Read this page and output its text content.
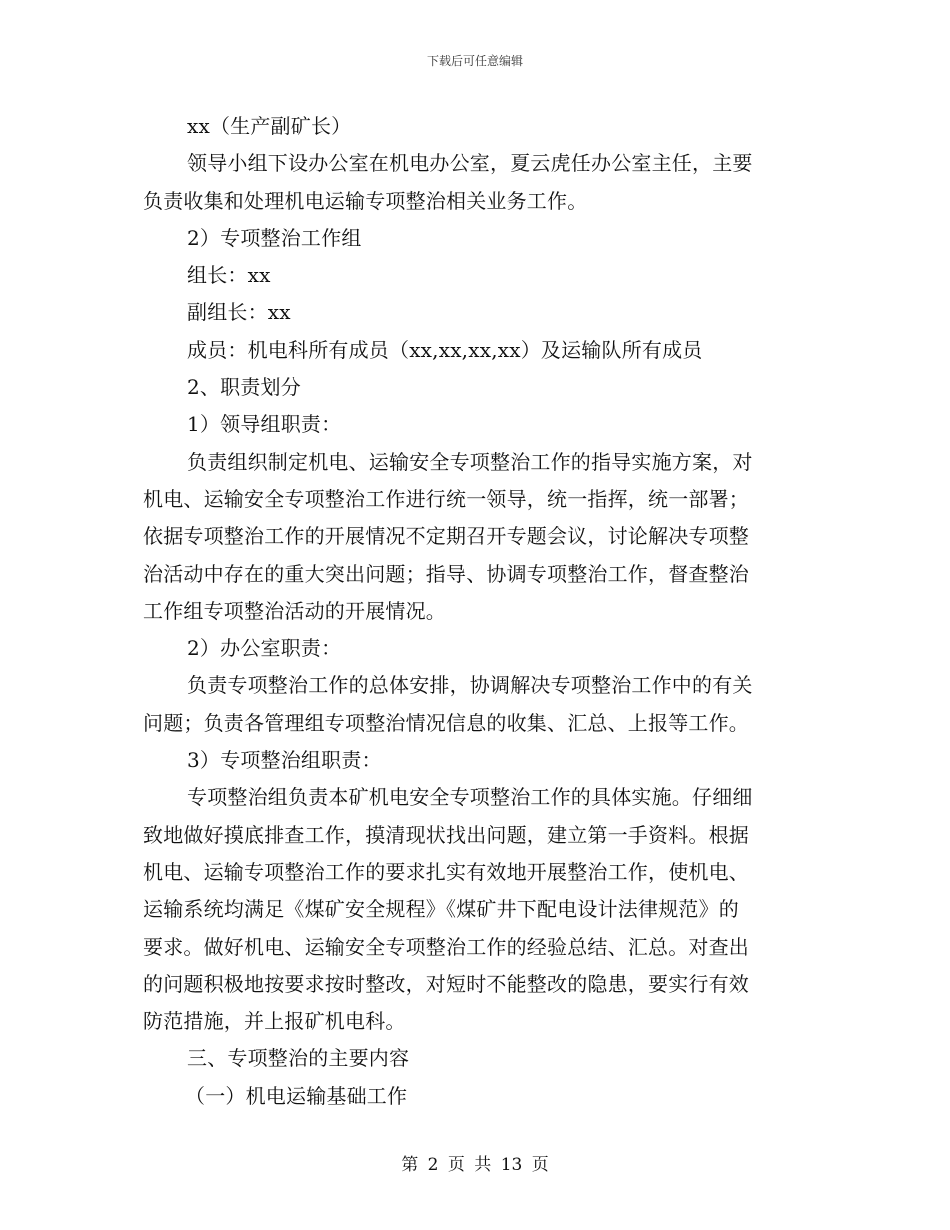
下载后可任意编辑
xx（生产副矿长）
领导小组下设办公室在机电办公室，夏云虎任办公室主任，主要
负责收集和处理机电运输专项整治相关业务工作。
2）专项整治工作组
组长：xx
副组长：xx
成员：机电科所有成员（xx,xx,xx,xx）及运输队所有成员
2、职责划分
1）领导组职责：
负责组织制定机电、运输安全专项整治工作的指导实施方案，对
机电、运输安全专项整治工作进行统一领导，统一指挥，统一部署；
依据专项整治工作的开展情况不定期召开专题会议，讨论解决专项整
治活动中存在的重大突出问题；指导、协调专项整治工作，督查整治
工作组专项整治活动的开展情况。
2）办公室职责：
负责专项整治工作的总体安排，协调解决专项整治工作中的有关
问题；负责各管理组专项整治情况信息的收集、汇总、上报等工作。
3）专项整治组职责：
专项整治组负责本矿机电安全专项整治工作的具体实施。仔细细
致地做好摸底排查工作，摸清现状找出问题，建立第一手资料。根据
机电、运输专项整治工作的要求扎实有效地开展整治工作，使机电、
运输系统均满足《煤矿安全规程》《煤矿井下配电设计法律规范》的
要求。做好机电、运输安全专项整治工作的经验总结、汇总。对查出
的问题积极地按要求按时整改，对短时不能整改的隐患，要实行有效
防范措施，并上报矿机电科。
三、专项整治的主要内容
（一）机电运输基础工作
第 2 页 共 13 页
